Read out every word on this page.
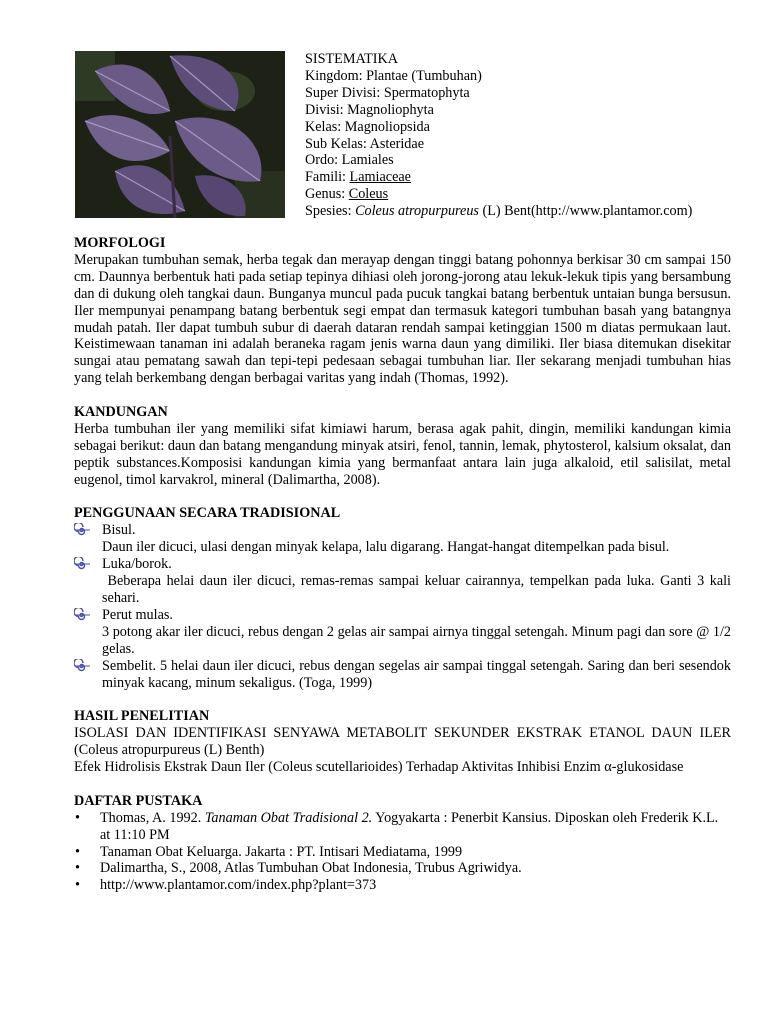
SISTEMATIKA
Kingdom: Plantae (Tumbuhan)
Super Divisi: Spermatophyta
Divisi: Magnoliophyta
Kelas: Magnoliopsida
Sub Kelas: Asteridae
Ordo: Lamiales
Famili: Lamiaceae
Genus: Coleus
Spesies: Coleus atropurpureus (L) Bent(http://www.plantamor.com)
MORFOLOGI

Merupakan tumbuhan semak, herba tegak dan merayap dengan tinggi batang pohonnya berkisar 30 cm sampai 150 cm. Daunnya berbentuk hati pada setiap tepinya dihiasi oleh jorong-jorong atau lekuk-lekuk tipis yang bersambung dan di dukung oleh tangkai daun. Bunganya muncul pada pucuk tangkai batang berbentuk untaian bunga bersusun. Iler mempunyai penampang batang berbentuk segi empat dan termasuk kategori tumbuhan basah yang batangnya mudah patah. Iler dapat tumbuh subur di daerah dataran rendah sampai ketinggian 1500 m diatas permukaan laut. Keistimewaan tanaman ini adalah beraneka ragam jenis warna daun yang dimiliki. Iler biasa ditemukan disekitar sungai atau pematang sawah dan tepi-tepi pedesaan sebagai tumbuhan liar. Iler sekarang menjadi tumbuhan hias yang telah berkembang dengan berbagai varitas yang indah (Thomas, 1992).

KANDUNGAN

Herba tumbuhan iler yang memiliki sifat kimiawi harum, berasa agak pahit, dingin, memiliki kandungan kimia sebagai berikut: daun dan batang mengandung minyak atsiri, fenol, tannin, lemak, phytosterol, kalsium oksalat, dan peptik substances.Komposisi kandungan kimia yang bermanfaat antara lain juga alkaloid, etil salisilat, metal eugenol, timol karvakrol, mineral (Dalimartha, 2008).

PENGGUNAAN SECARA TRADISIONAL
Bisul.
Daun iler dicuci, ulasi dengan minyak kelapa, lalu digarang. Hangat-hangat ditempelkan pada bisul.
Luka/borok.
Beberapa helai daun iler dicuci, remas-remas sampai keluar cairannya, tempelkan pada luka. Ganti 3 kali sehari.
Perut mulas.
3 potong akar iler dicuci, rebus dengan 2 gelas air sampai airnya tinggal setengah. Minum pagi dan sore @ 1/2 gelas.
Sembelit. 5 helai daun iler dicuci, rebus dengan segelas air sampai tinggal setengah. Saring dan beri sesendok minyak kacang, minum sekaligus. (Toga, 1999)
HASIL PENELITIAN

ISOLASI DAN IDENTIFIKASI SENYAWA METABOLIT SEKUNDER EKSTRAK ETANOL DAUN ILER (Coleus atropurpureus (L) Benth)

Efek Hidrolisis Ekstrak Daun Iler (Coleus scutellarioides) Terhadap Aktivitas Inhibisi Enzim α-glukosidase

DAFTAR PUSTAKA
• Thomas, A. 1992. Tanaman Obat Tradisional 2. Yogyakarta : Penerbit Kansius. Diposkan oleh Frederik K.L. at 11:10 PM
• Tanaman Obat Keluarga. Jakarta : PT. Intisari Mediatama, 1999
• Dalimartha, S., 2008, Atlas Tumbuhan Obat Indonesia, Trubus Agriwidya.
• http://www.plantamor.com/index.php?plant=373
